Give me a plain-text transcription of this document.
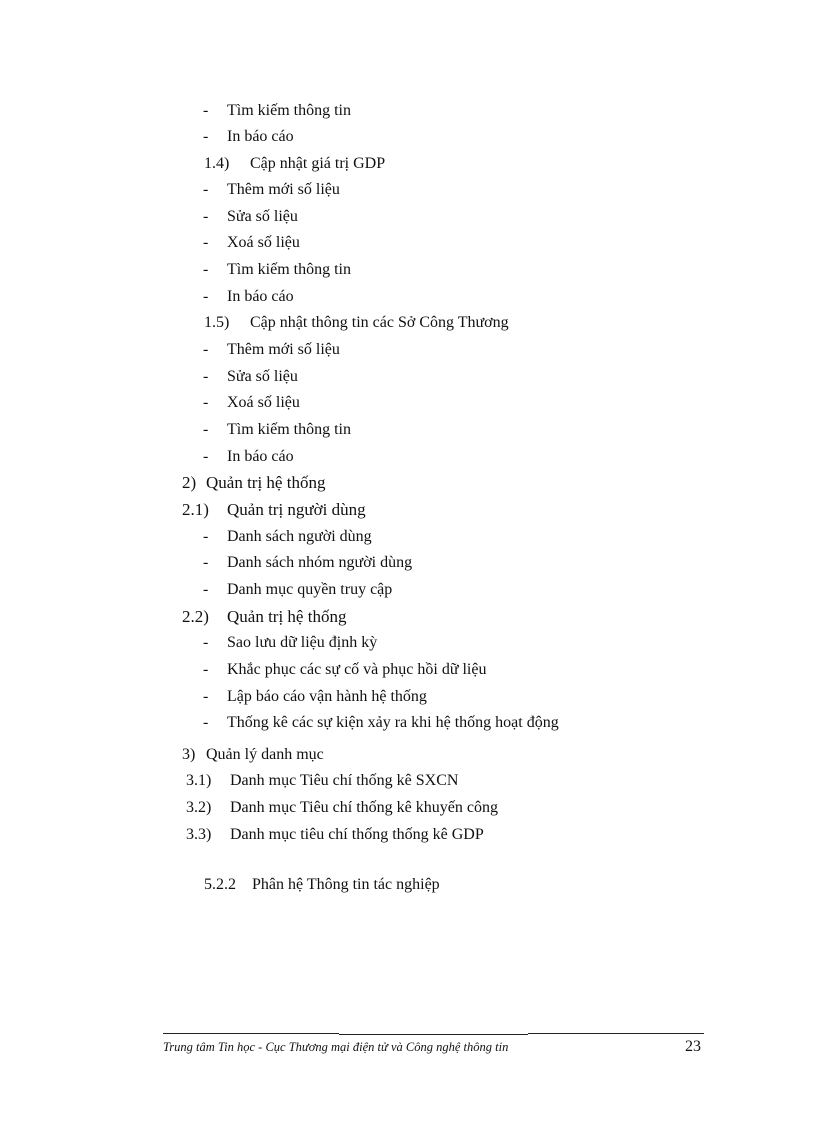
- Tìm kiếm thông tin
- In báo cáo
1.4) Cập nhật giá trị GDP
- Thêm mới số liệu
- Sửa số liệu
- Xoá số liệu
- Tìm kiếm thông tin
- In báo cáo
1.5) Cập nhật thông tin các Sở Công Thương
- Thêm mới số liệu
- Sửa số liệu
- Xoá số liệu
- Tìm kiếm thông tin
- In báo cáo
2) Quản trị hệ thống
2.1) Quản trị người dùng
- Danh sách người dùng
- Danh sách nhóm người dùng
- Danh mục quyền truy cập
2.2) Quản trị hệ thống
- Sao lưu dữ liệu định kỳ
- Khắc phục các sự cố và phục hồi dữ liệu
- Lập báo cáo vận hành hệ thống
- Thống kê các sự kiện xảy ra khi hệ thống hoạt động
3) Quản lý danh mục
3.1) Danh mục Tiêu chí thống kê SXCN
3.2) Danh mục Tiêu chí thống kê khuyến công
3.3) Danh mục tiêu chí thống thống kê GDP
5.2.2 Phân hệ Thông tin tác nghiệp
Trung tâm Tin học - Cục Thương mại điện tử và Công nghệ thông tin	23
